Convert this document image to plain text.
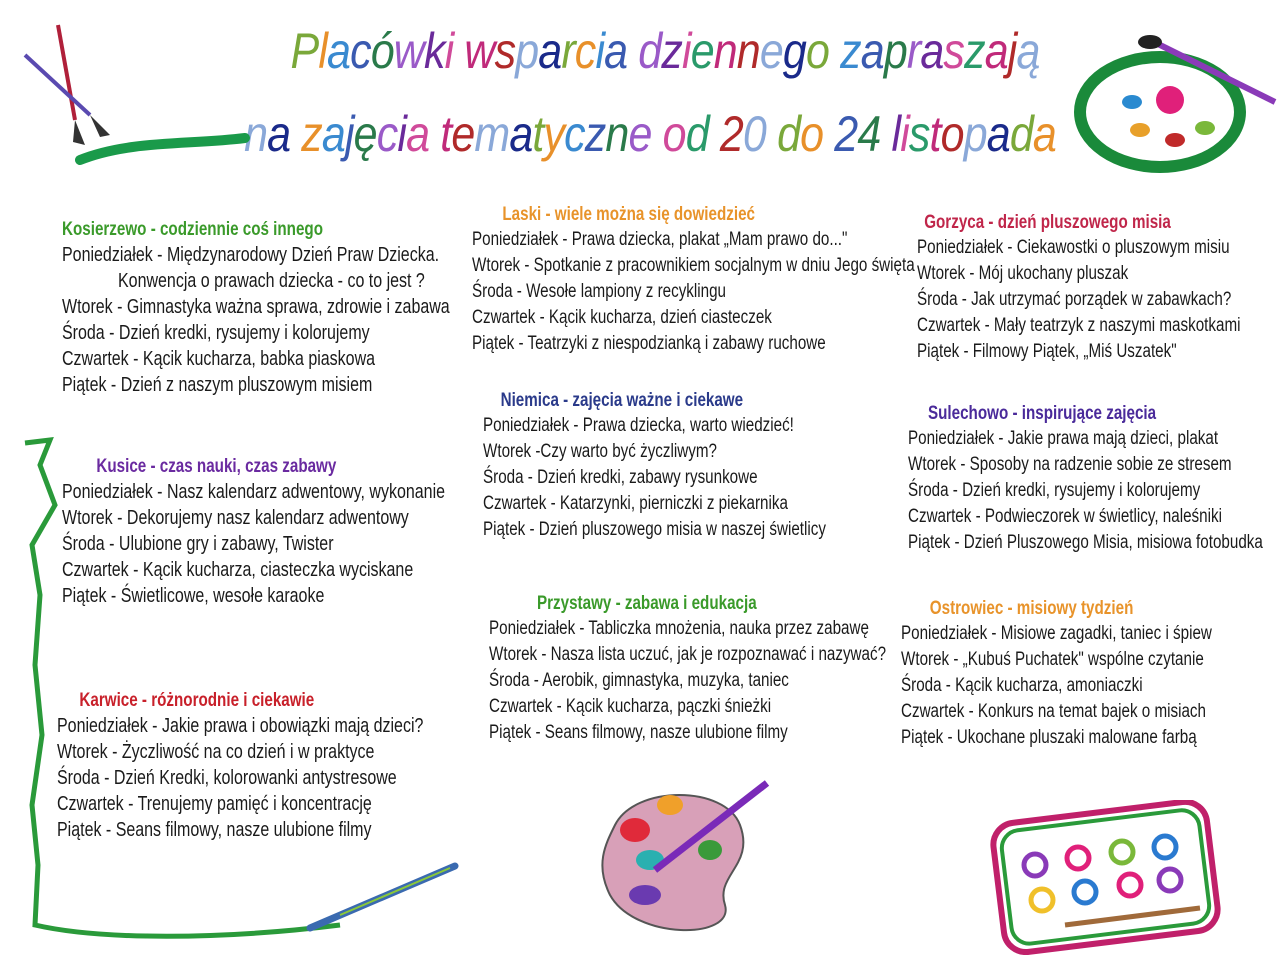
Placówki wsparcia dziennego zapraszają
na zajęcia tematyczne od 20 do 24 listopada
Kosierzewo - codziennie coś innego
Poniedziałek - Międzynarodowy Dzień Praw Dziecka.
Konwencja o prawach dziecka - co to jest ?
Wtorek - Gimnastyka ważna sprawa, zdrowie i zabawa
Środa - Dzień kredki, rysujemy i kolorujemy
Czwartek - Kącik kucharza, babka piaskowa
Piątek - Dzień z naszym pluszowym misiem
Laski - wiele można się dowiedzieć
Poniedziałek - Prawa dziecka, plakat „Mam prawo do..."
Wtorek - Spotkanie z pracownikiem socjalnym w dniu Jego święta
Środa - Wesołe lampiony z recyklingu
Czwartek - Kącik kucharza, dzień ciasteczek
Piątek - Teatrzyki z niespodzianką i zabawy ruchowe
Gorzyca - dzień pluszowego misia
Poniedziałek - Ciekawostki o pluszowym misiu
Wtorek - Mój ukochany pluszak
Środa - Jak utrzymać porządek w zabawkach?
Czwartek - Mały teatrzyk z naszymi maskotkami
Piątek - Filmowy Piątek, „Miś Uszatek"
Kusice - czas nauki, czas zabawy
Poniedziałek - Nasz kalendarz adwentowy, wykonanie
Wtorek - Dekorujemy nasz kalendarz adwentowy
Środa - Ulubione gry i zabawy, Twister
Czwartek - Kącik kucharza, ciasteczka wyciskane
Piątek - Świetlicowe, wesołe karaoke
Niemica - zajęcia ważne i ciekawe
Poniedziałek - Prawa dziecka, warto wiedzieć!
Wtorek -Czy warto być życzliwym?
Środa - Dzień kredki, zabawy rysunkowe
Czwartek - Katarzynki, pierniczki z piekarnika
Piątek - Dzień pluszowego misia w naszej świetlicy
Sulechowo - inspirujące zajęcia
Poniedziałek - Jakie prawa mają dzieci, plakat
Wtorek - Sposoby na radzenie sobie ze stresem
Środa - Dzień kredki, rysujemy i kolorujemy
Czwartek - Podwieczorek w świetlicy, naleśniki
Piątek - Dzień Pluszowego Misia, misiowa fotobudka
Przystawy - zabawa i edukacja
Poniedziałek - Tabliczka mnożenia, nauka przez zabawę
Wtorek - Nasza lista uczuć, jak je rozpoznawać i nazywać?
Środa - Aerobik, gimnastyka, muzyka, taniec
Czwartek - Kącik kucharza, pączki śnieżki
Piątek - Seans filmowy, nasze ulubione filmy
Ostrowiec - misiowy tydzień
Poniedziałek - Misiowe zagadki, taniec i śpiew
Wtorek - „Kubuś Puchatek" wspólne czytanie
Środa - Kącik kucharza, amoniaczki
Czwartek - Konkurs na temat bajek o misiach
Piątek - Ukochane pluszaki malowane farbą
Karwice - różnorodnie i ciekawie
Poniedziałek - Jakie prawa i obowiązki mają dzieci?
Wtorek - Życzliwość na co dzień i w praktyce
Środa - Dzień Kredki, kolorowanki antystresowe
Czwartek - Trenujemy pamięć i koncentrację
Piątek - Seans filmowy, nasze ulubione filmy
